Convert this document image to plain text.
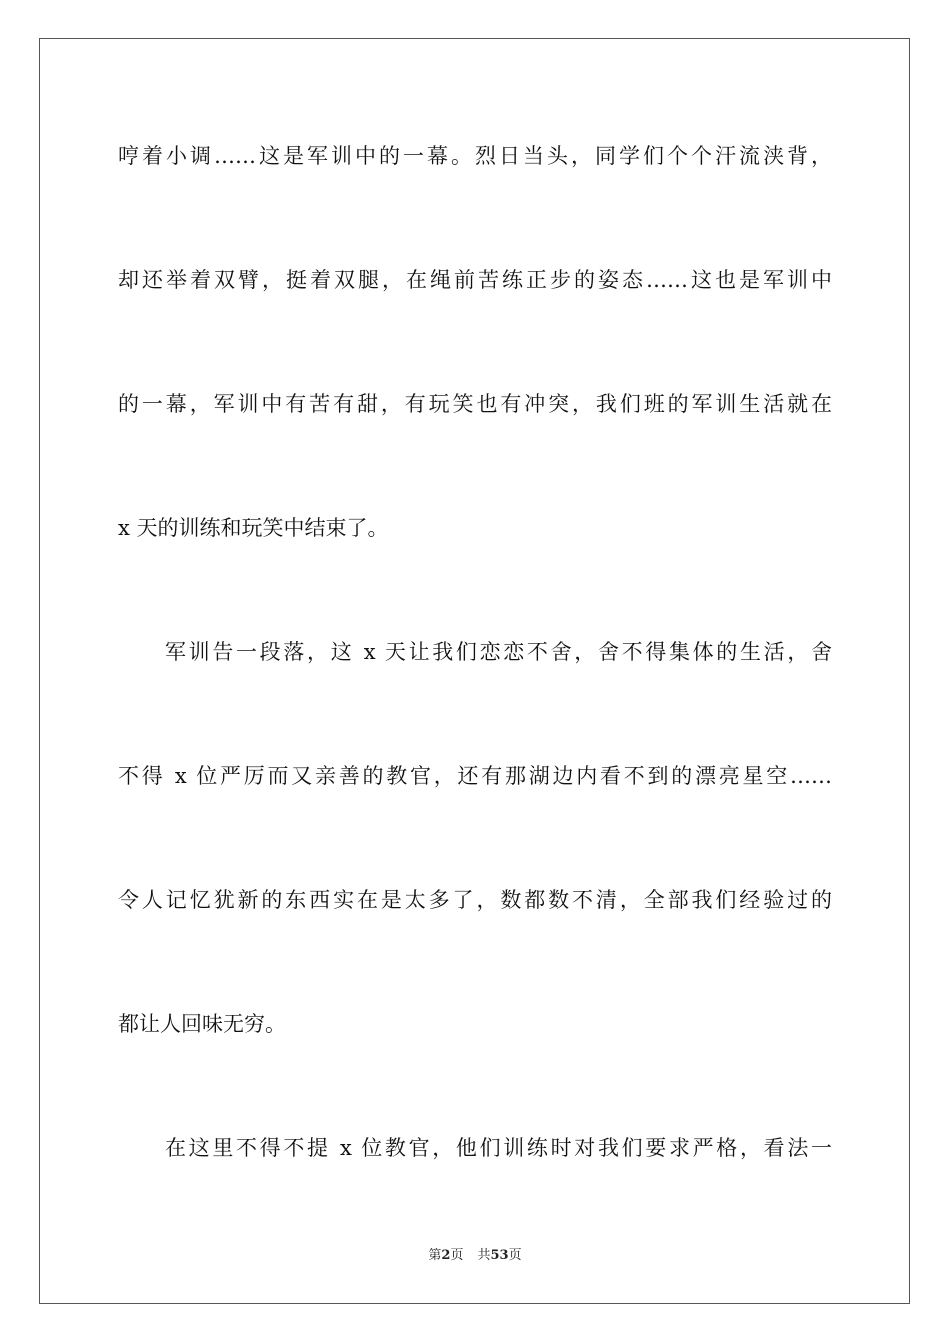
哼着小调……这是军训中的一幕。烈日当头，同学们个个汗流浃背，
却还举着双臂，挺着双腿，在绳前苦练正步的姿态……这也是军训中
的一幕，军训中有苦有甜，有玩笑也有冲突，我们班的军训生活就在
x 天的训练和玩笑中结束了。
军训告一段落，这 x 天让我们恋恋不舍，舍不得集体的生活，舍
不得 x 位严厉而又亲善的教官，还有那湖边内看不到的漂亮星空……
令人记忆犹新的东西实在是太多了，数都数不清，全部我们经验过的
都让人回味无穷。
在这里不得不提 x 位教官，他们训练时对我们要求严格，看法一
第2页 共53页
